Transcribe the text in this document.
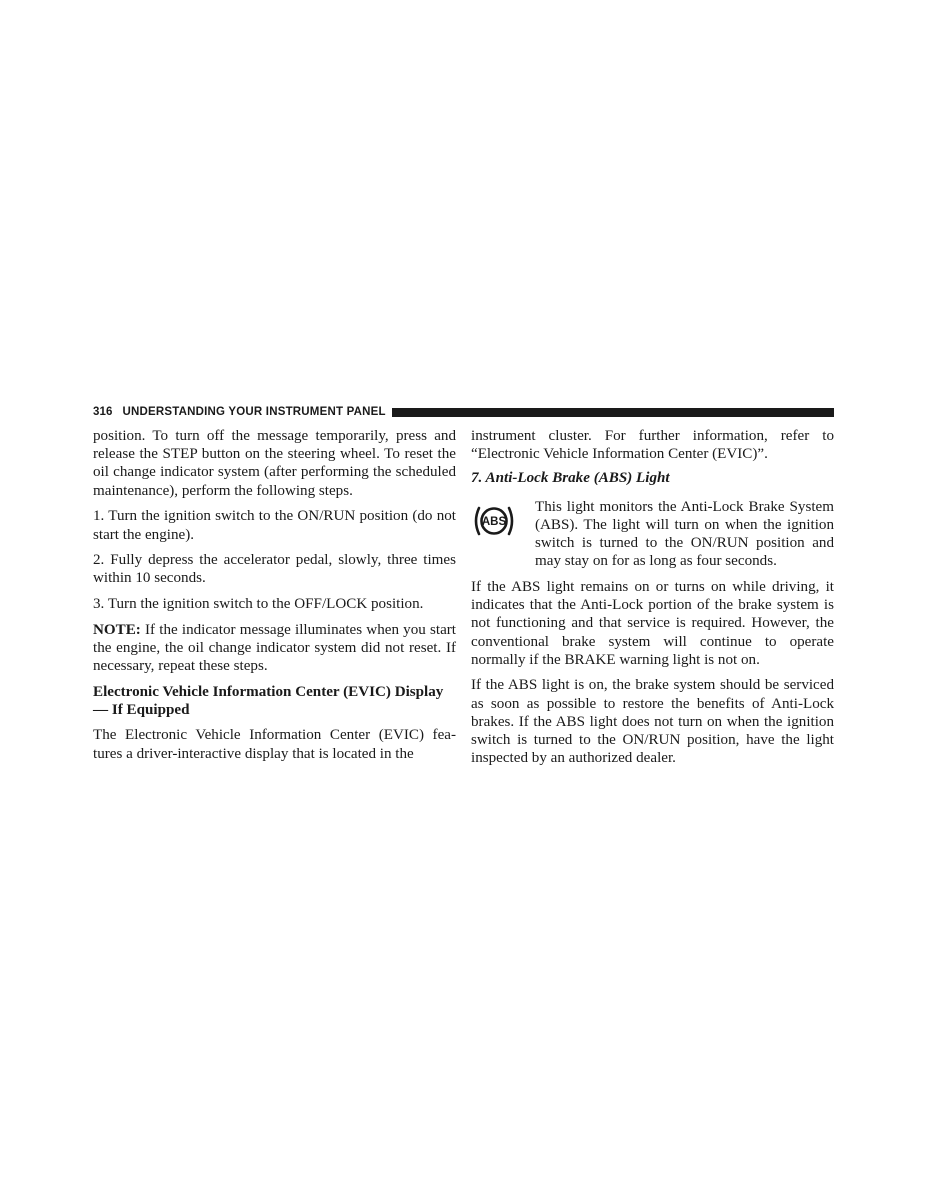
316 UNDERSTANDING YOUR INSTRUMENT PANEL

position. To turn off the message temporarily, press and release the STEP button on the steering wheel. To reset the oil change indicator system (after performing the scheduled maintenance), perform the following steps.

1. Turn the ignition switch to the ON/RUN position (do not start the engine).

2. Fully depress the accelerator pedal, slowly, three times within 10 seconds.

3. Turn the ignition switch to the OFF/LOCK position.

NOTE: If the indicator message illuminates when you start the engine, the oil change indicator system did not reset. If necessary, repeat these steps.

Electronic Vehicle Information Center (EVIC) Display — If Equipped

The Electronic Vehicle Information Center (EVIC) fea- tures a driver-interactive display that is located in the

instrument cluster. For further information, refer to “Electronic Vehicle Information Center (EVIC)”.

7. Anti-Lock Brake (ABS) Light

ABS
This light monitors the Anti-Lock Brake System (ABS). The light will turn on when the ignition switch is turned to the ON/RUN position and may stay on for as long as four seconds.

If the ABS light remains on or turns on while driving, it indicates that the Anti-Lock portion of the brake system is not functioning and that service is required. However, the conventional brake system will continue to operate normally if the BRAKE warning light is not on.

If the ABS light is on, the brake system should be serviced as soon as possible to restore the benefits of Anti-Lock brakes. If the ABS light does not turn on when the ignition switch is turned to the ON/RUN position, have the light inspected by an authorized dealer.
